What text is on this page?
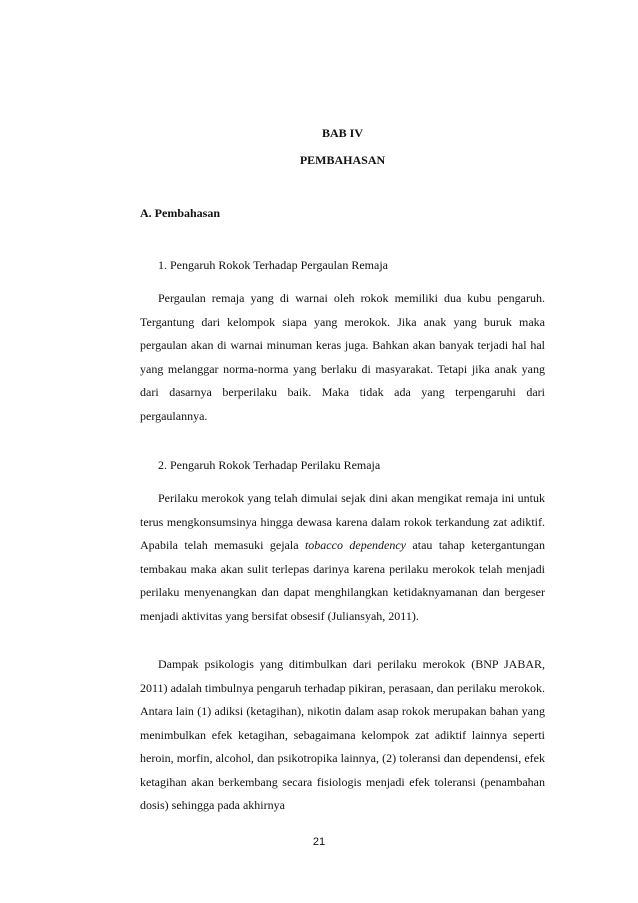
BAB IV

PEMBAHASAN

A. Pembahasan

1. Pengaruh Rokok Terhadap Pergaulan Remaja

Pergaulan remaja yang di warnai oleh rokok memiliki dua kubu pengaruh. Tergantung dari kelompok siapa yang merokok. Jika anak yang buruk maka pergaulan akan di warnai minuman keras juga. Bahkan akan banyak terjadi hal hal yang melanggar norma-norma yang berlaku di masyarakat. Tetapi jika anak yang dari dasarnya berperilaku baik. Maka tidak ada yang terpengaruhi dari pergaulannya.

2. Pengaruh Rokok Terhadap Perilaku Remaja

Perilaku merokok yang telah dimulai sejak dini akan mengikat remaja ini untuk terus mengkonsumsinya hingga dewasa karena dalam rokok terkandung zat adiktif. Apabila telah memasuki gejala tobacco dependency atau tahap ketergantungan tembakau maka akan sulit terlepas darinya karena perilaku merokok telah menjadi perilaku menyenangkan dan dapat menghilangkan ketidaknyamanan dan bergeser menjadi aktivitas yang bersifat obsesif (Juliansyah, 2011).

Dampak psikologis yang ditimbulkan dari perilaku merokok (BNP JABAR, 2011) adalah timbulnya pengaruh terhadap pikiran, perasaan, dan perilaku merokok. Antara lain (1) adiksi (ketagihan), nikotin dalam asap rokok merupakan bahan yang menimbulkan efek ketagihan, sebagaimana kelompok zat adiktif lainnya seperti heroin, morfin, alcohol, dan psikotropika lainnya, (2) toleransi dan dependensi, efek ketagihan akan berkembang secara fisiologis menjadi efek toleransi (penambahan dosis) sehingga pada akhirnya

21
